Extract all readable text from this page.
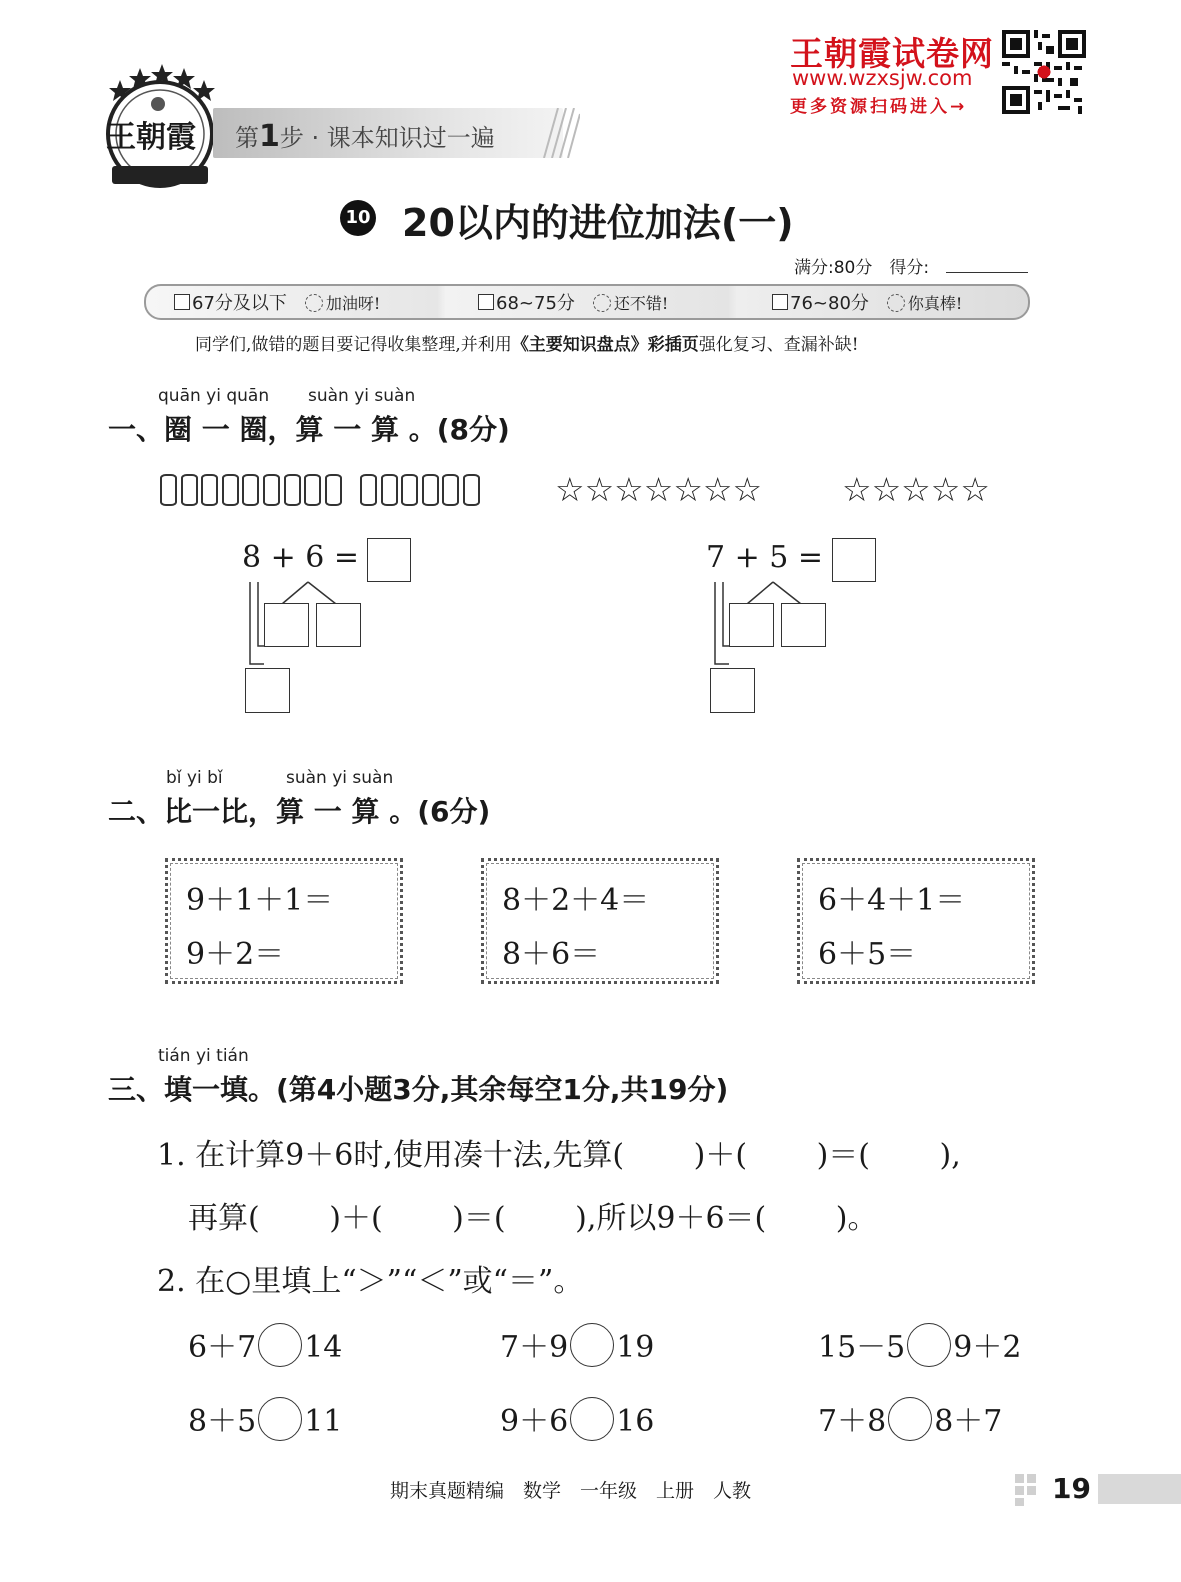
王朝霞 第1步 · 课本知识过一遍
王朝霞试卷网
www.wzxsjw.com
更多资源扫码进入→
10 20以内的进位加法(一)
满分:80分　得分:
67分及以下 加油呀!	68~75分 还不错!	76~80分 你真棒!
同学们,做错的题目要记得收集整理,并利用《主要知识盘点》彩插页强化复习、查漏补缺!
quān yi quān suàn yi suàn
一、圈 一 圈，算 一 算 。(8分)
☆☆☆☆☆☆☆ ☆☆☆☆☆
8 + 6 =	7 + 5 =
bǐ yi bǐ	suàn yi suàn
二、比一比，算 一 算 。(6分)
9＋1＋1＝
9＋2＝
8＋2＋4＝
8＋6＝
6＋4＋1＝
6＋5＝
tián yi tián
三、填一填。(第4小题3分,其余每空1分,共19分)
1. 在计算9＋6时,使用凑十法,先算(　　 )＋(　　 )＝(　　 ),
再算(　　 )＋(　　 )＝(　　 ),所以9＋6＝(　　 )。
2. 在○里填上“＞”“＜”或“＝”。
6＋7 14	7＋9 19	15－5 9＋2
8＋5 11	9＋6 16	7＋8 8＋7
期末真题精编　数学　一年级　上册　人教	19
